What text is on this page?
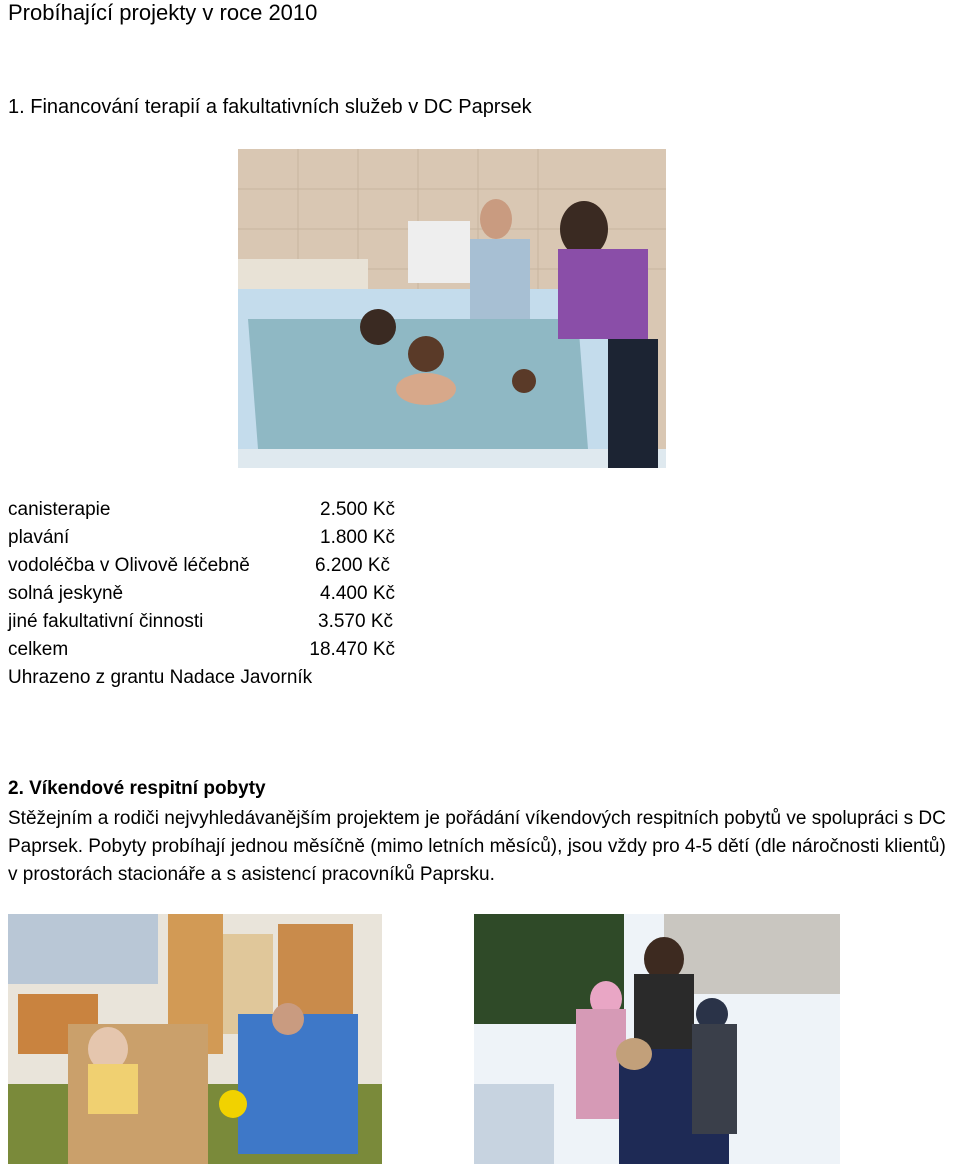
Probíhající projekty v roce 2010
1. Financování terapií a fakultativních služeb v DC Paprsek
canisterapie	2.500 Kč
plavání	1.800 Kč
vodoléčba v Olivově léčebně	6.200 Kč
solná jeskyně	4.400 Kč
jiné fakultativní činnosti	3.570 Kč
celkem	18.470 Kč
Uhrazeno z grantu Nadace Javorník
2. Víkendové respitní pobyty
Stěžejním a rodiči nejvyhledávanějším projektem je pořádání víkendových respitních pobytů ve spolupráci s DC Paprsek. Pobyty probíhají jednou měsíčně (mimo letních měsíců), jsou vždy pro 4-5 dětí (dle náročnosti klientů) v prostorách stacionáře a s asistencí pracovníků Paprsku.
